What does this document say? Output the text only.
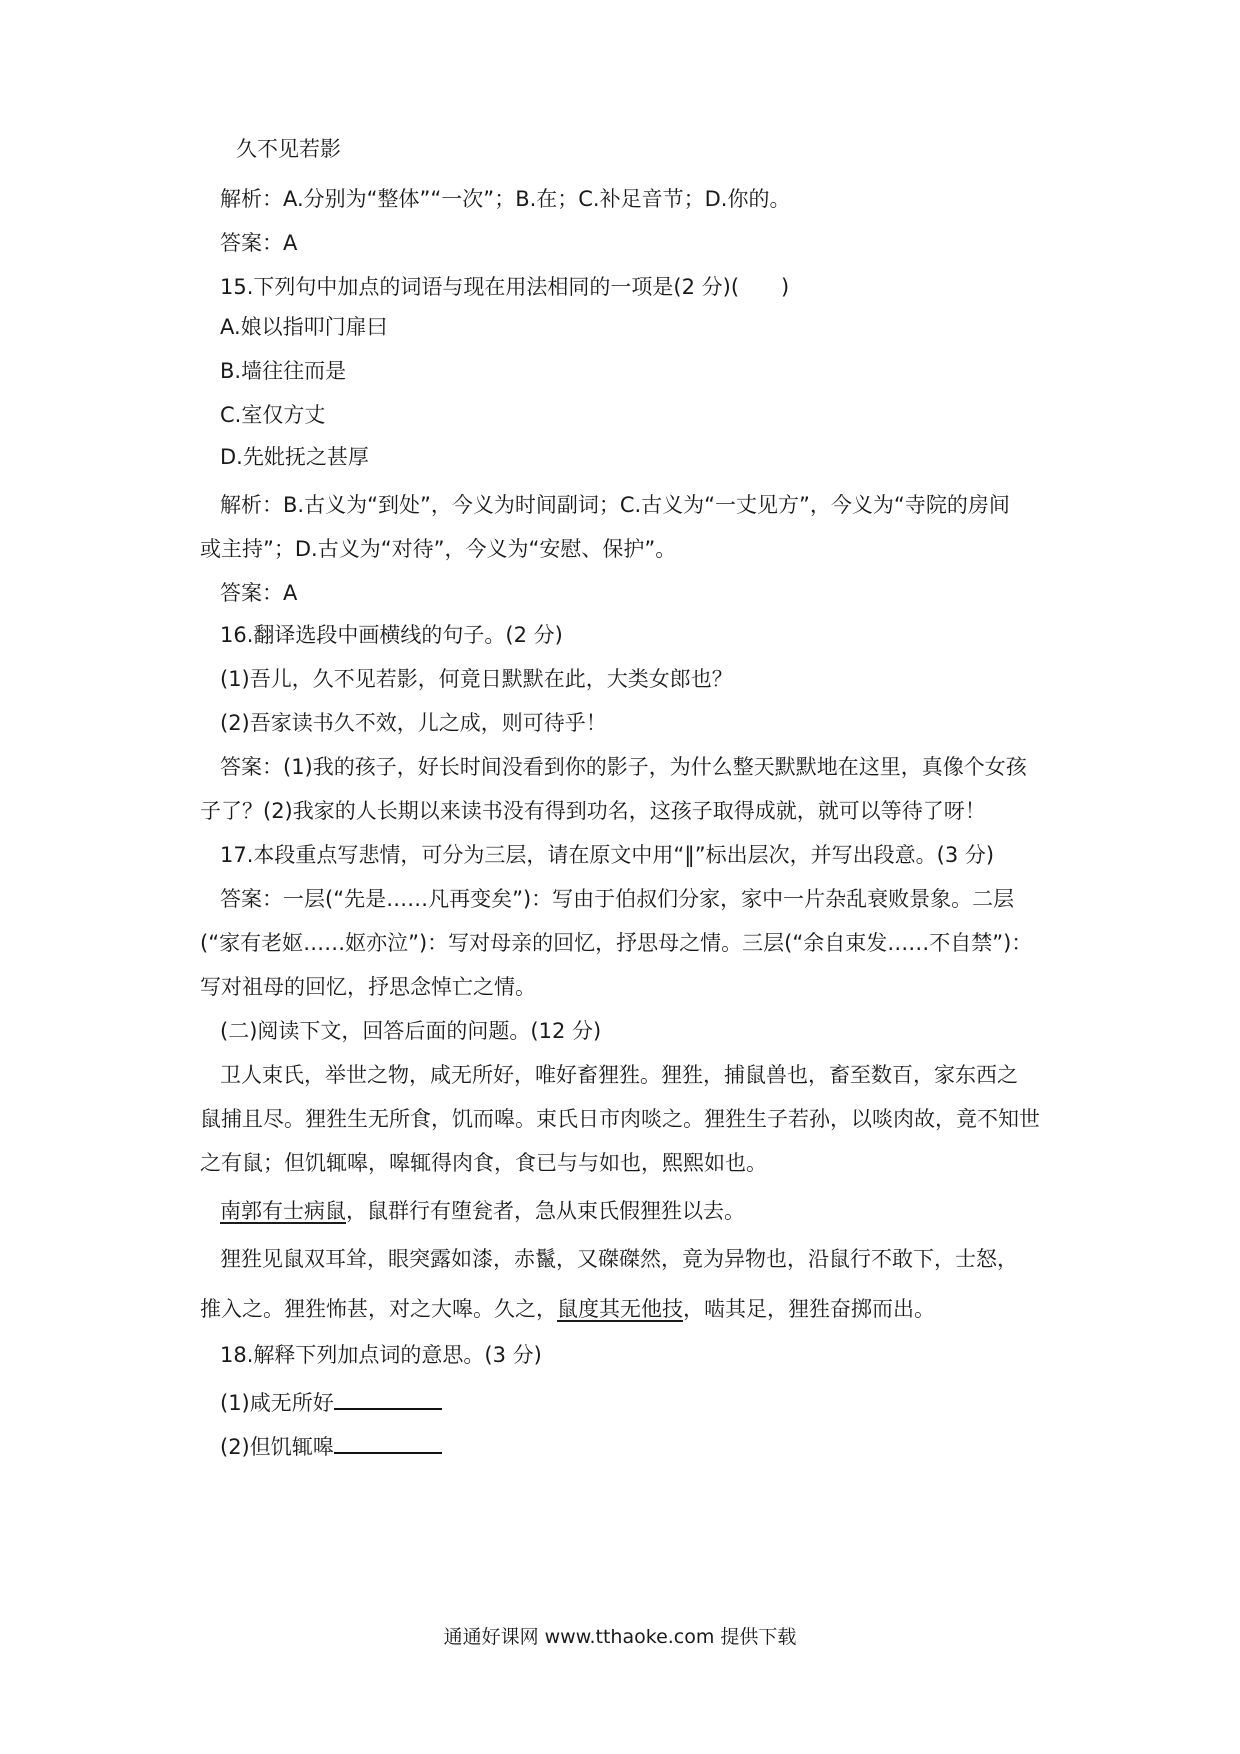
久不见若影
解析：A.分别为“整体”“一次”；B.在；C.补足音节；D.你的。
答案：A
15.下列句中加点的词语与现在用法相同的一项是(2 分)(　　)
A.娘以指叩门扉曰
B.墙往往而是
C.室仅方丈
D.先妣抚之甚厚
解析：B.古义为“到处”，今义为时间副词；C.古义为“一丈见方”，今义为“寺院的房间
或主持”；D.古义为“对待”，今义为“安慰、保护”。
答案：A
16.翻译选段中画横线的句子。(2 分)
(1)吾儿，久不见若影，何竟日默默在此，大类女郎也？
(2)吾家读书久不效，儿之成，则可待乎！
答案：(1)我的孩子，好长时间没看到你的影子，为什么整天默默地在这里，真像个女孩
子了？(2)我家的人长期以来读书没有得到功名，这孩子取得成就，就可以等待了呀！
17.本段重点写悲情，可分为三层，请在原文中用“‖”标出层次，并写出段意。(3 分)
答案：一层(“先是……凡再变矣”)：写由于伯叔们分家，家中一片杂乱衰败景象。二层
(“家有老妪……妪亦泣”)：写对母亲的回忆，抒思母之情。三层(“余自束发……不自禁”)：
写对祖母的回忆，抒思念悼亡之情。
(二)阅读下文，回答后面的问题。(12 分)
卫人束氏，举世之物，咸无所好，唯好畜狸狌。狸狌，捕鼠兽也，畜至数百，家东西之
鼠捕且尽。狸狌生无所食，饥而嗥。束氏日市肉啖之。狸狌生子若孙，以啖肉故，竟不知世
之有鼠；但饥辄嗥，嗥辄得肉食，食已与与如也，熙熙如也。
南郭有士病鼠，鼠群行有堕瓮者，急从束氏假狸狌以去。
狸狌见鼠双耳耸，眼突露如漆，赤鬣，又磔磔然，竟为异物也，沿鼠行不敢下，士怒，
推入之。狸狌怖甚，对之大嗥。久之，鼠度其无他技，啮其足，狸狌奋掷而出。
18.解释下列加点词的意思。(3 分)
(1)咸无所好
(2)但饥辄嗥
通通好课网 www.tthaoke.com 提供下载
